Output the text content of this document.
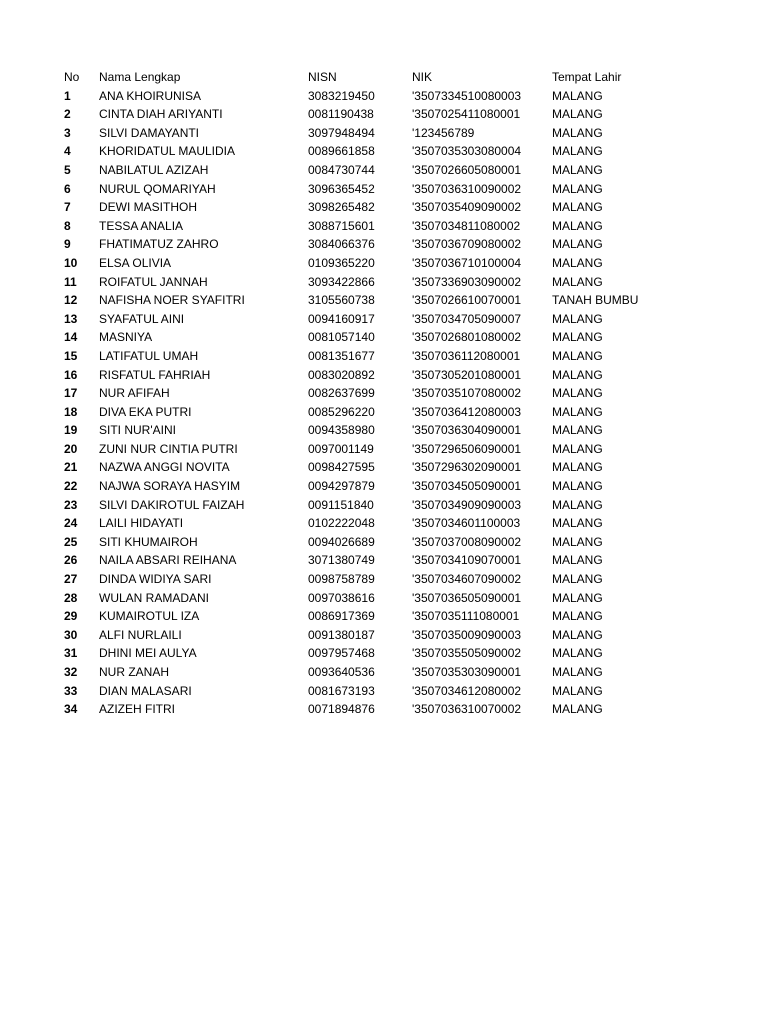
No Nama Lengkap	NISN	NIK	Tempat Lahir
1 ANA KHOIRUNISA	3083219450	'3507334510080003	MALANG
2 CINTA DIAH ARIYANTI	0081190438	'3507025411080001	MALANG
3 SILVI DAMAYANTI	3097948494	'123456789	MALANG
4 KHORIDATUL MAULIDIA	0089661858	'3507035303080004	MALANG
5 NABILATUL AZIZAH	0084730744	'3507026605080001	MALANG
6 NURUL QOMARIYAH	3096365452	'3507036310090002	MALANG
7 DEWI MASITHOH	3098265482	'3507035409090002	MALANG
8 TESSA ANALIA	3088715601	'3507034811080002	MALANG
9 FHATIMATUZ ZAHRO	3084066376	'3507036709080002	MALANG
10 ELSA OLIVIA	0109365220	'3507036710100004	MALANG
11 ROIFATUL JANNAH	3093422866	'3507336903090002	MALANG
12 NAFISHA NOER SYAFITRI	3105560738	'3507026610070001	TANAH BUMBU
13 SYAFATUL AINI	0094160917	'3507034705090007	MALANG
14 MASNIYA	0081057140	'3507026801080002	MALANG
15 LATIFATUL UMAH	0081351677	'3507036112080001	MALANG
16 RISFATUL FAHRIAH	0083020892	'3507305201080001	MALANG
17 NUR AFIFAH	0082637699	'3507035107080002	MALANG
18 DIVA EKA PUTRI	0085296220	'3507036412080003	MALANG
19 SITI NUR'AINI	0094358980	'3507036304090001	MALANG
20 ZUNI NUR CINTIA PUTRI	0097001149	'3507296506090001	MALANG
21 NAZWA ANGGI NOVITA	0098427595	'3507296302090001	MALANG
22 NAJWA SORAYA HASYIM	0094297879	'3507034505090001	MALANG
23 SILVI DAKIROTUL FAIZAH	0091151840	'3507034909090003	MALANG
24 LAILI HIDAYATI	0102222048	'3507034601100003	MALANG
25 SITI KHUMAIROH	0094026689	'3507037008090002	MALANG
26 NAILA ABSARI REIHANA	3071380749	'3507034109070001	MALANG
27 DINDA WIDIYA SARI	0098758789	'3507034607090002	MALANG
28 WULAN RAMADANI	0097038616	'3507036505090001	MALANG
29 KUMAIROTUL IZA	0086917369	'3507035111080001	MALANG
30 ALFI NURLAILI	0091380187	'3507035009090003	MALANG
31 DHINI MEI AULYA	0097957468	'3507035505090002	MALANG
32 NUR ZANAH	0093640536	'3507035303090001	MALANG
33 DIAN MALASARI	0081673193	'3507034612080002	MALANG
34 AZIZEH FITRI	0071894876	'3507036310070002	MALANG
